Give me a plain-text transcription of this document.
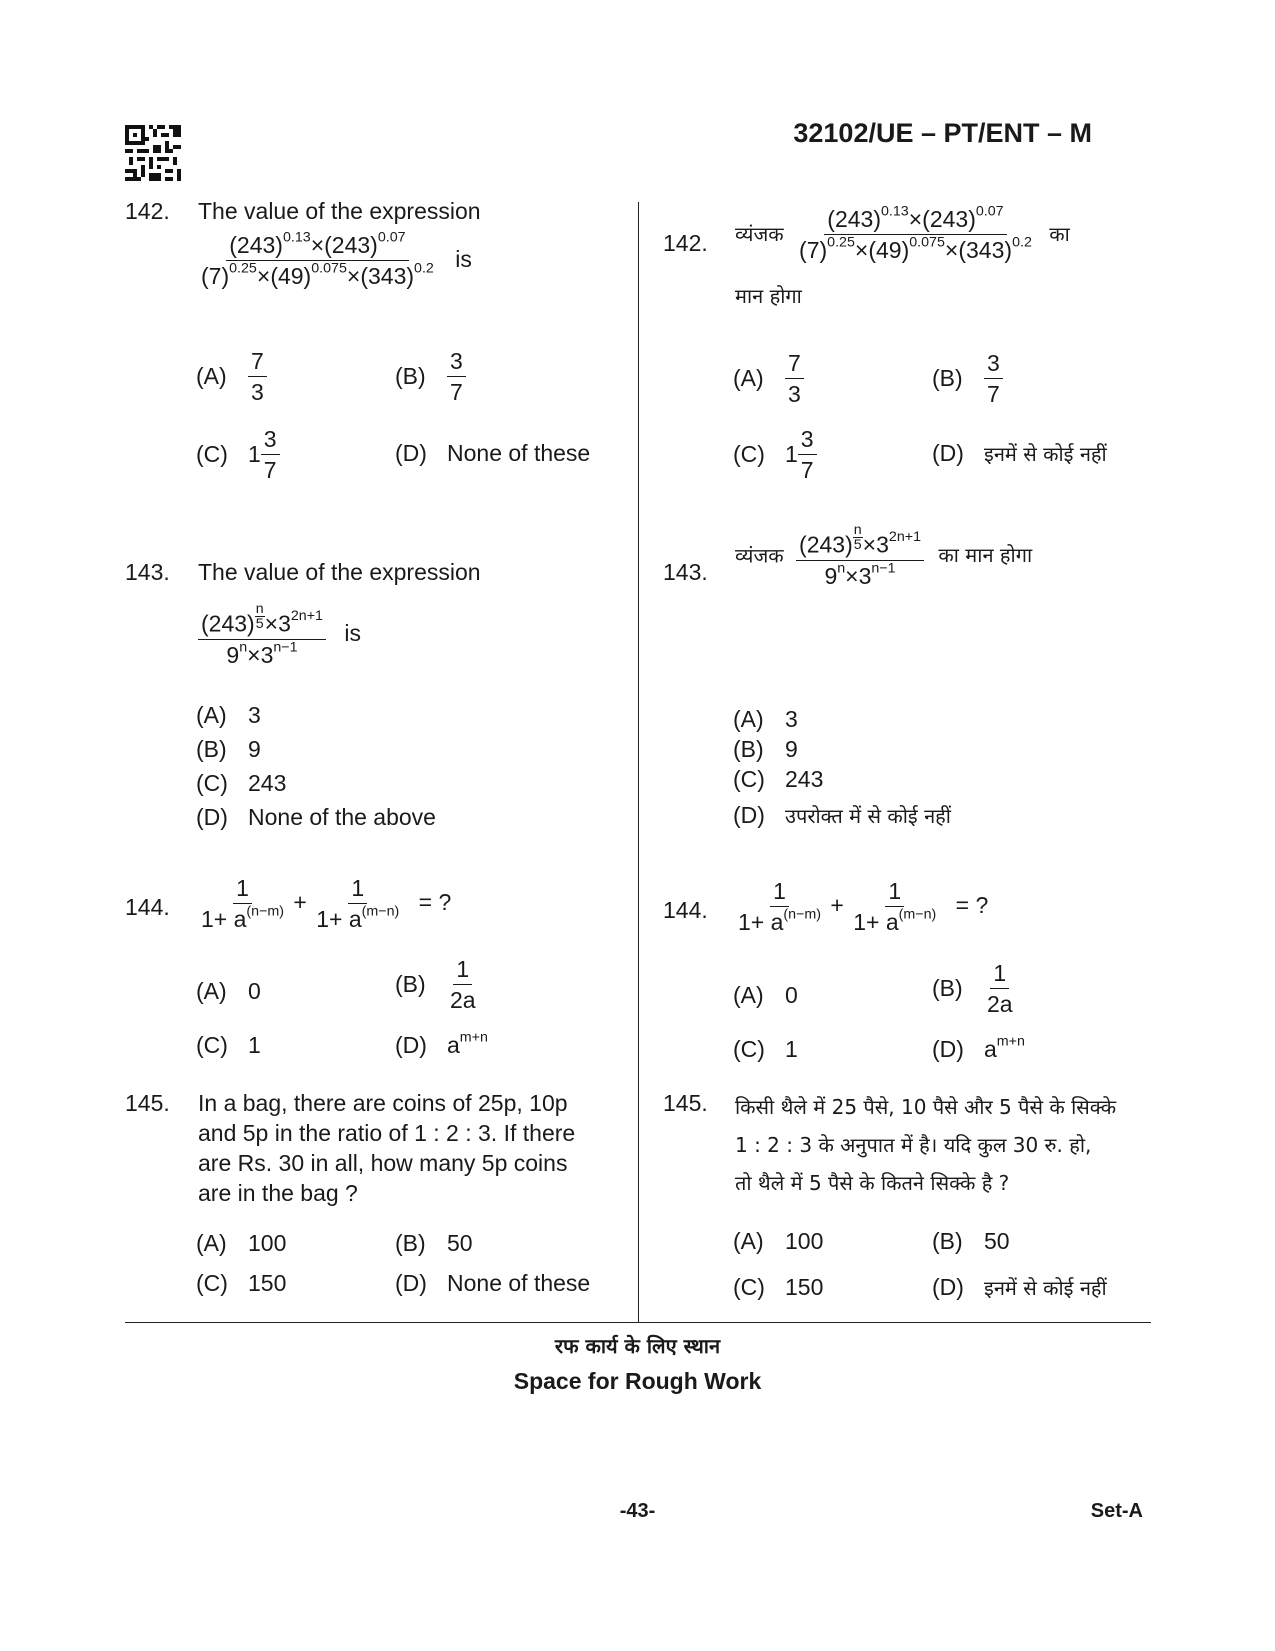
32102/UE – PT/ENT – M
142. The value of the expression
$\frac{(243)^{0.13}\times(243)^{0.07}}{(7)^{0.25}\times(49)^{0.075}\times(343)^{0.2}}$ is
$(A) \frac{7}{3}$	$(B) \frac{3}{7}$
(C) $1 \frac{3}{7}$	(D) None of these
142. व्यंजक $\frac{(243)^{0.13}\times(243)^{0.07}}{(7)^{0.25}\times(49)^{0.075}\times(343)^{0.2}}$ का
मान होगा
$(A) \frac{7}{3}$	$(B) \frac{3}{7}$
(C) $1 \frac{3}{7}$	(D)	इनमें से कोई नहीं
143. The value of the expression
$\frac{(243) \frac{n}{5} \times 3^{2n+1}}{9^n\times 3^{n-1}}$ is
(A) 3
(B) 9
(C) 243
(D) None of the above
143.
व्यंजक $\frac{(243) \frac{n}{5} \times 3^{2n+1}}{9^n\times 3^{n-1}}$ का मान होगा
(A) 3
(B) 9
(C) 243
(D)	उपरोक्त में से कोई नहीं
144. $\frac{1}{1+ a^{(n-m)}} + \frac{1}{1+ a^{(m-n)}}$ = ?
(A) 0	$(B) \frac{1}{2a}$
(C) 1	(D) $a^{m+n}$
144. $\frac{1}{1+ a^{(n-m)}} + \frac{1}{1+ a^{(m-n)}}$ = ?
(A) 0	$(B) \frac{1}{2a}$
(C) 1	(D) $a^{m+n}$
145. In a bag, there are coins of 25p, 10p
and 5p in the ratio of 1 : 2 : 3. If there
are Rs. 30 in all, how many 5p coins
are in the bag ?
(A) 100	(B) 50
(C) 150	(D) None of these
145. किसी थैले में 25 पैसे, 10 पैसे और 5 पैसे के सिक्के
1 : 2 : 3 के अनुपात में है। यदि कुल 30 रु. हो,
तो थैले में 5 पैसे के कितने सिक्के है ?
(A) 100	(B) 50
(C) 150	(D)	इनमें से कोई नहीं
रफ कार्य के लिए स्थान
Space for Rough Work
-43-	Set-A
